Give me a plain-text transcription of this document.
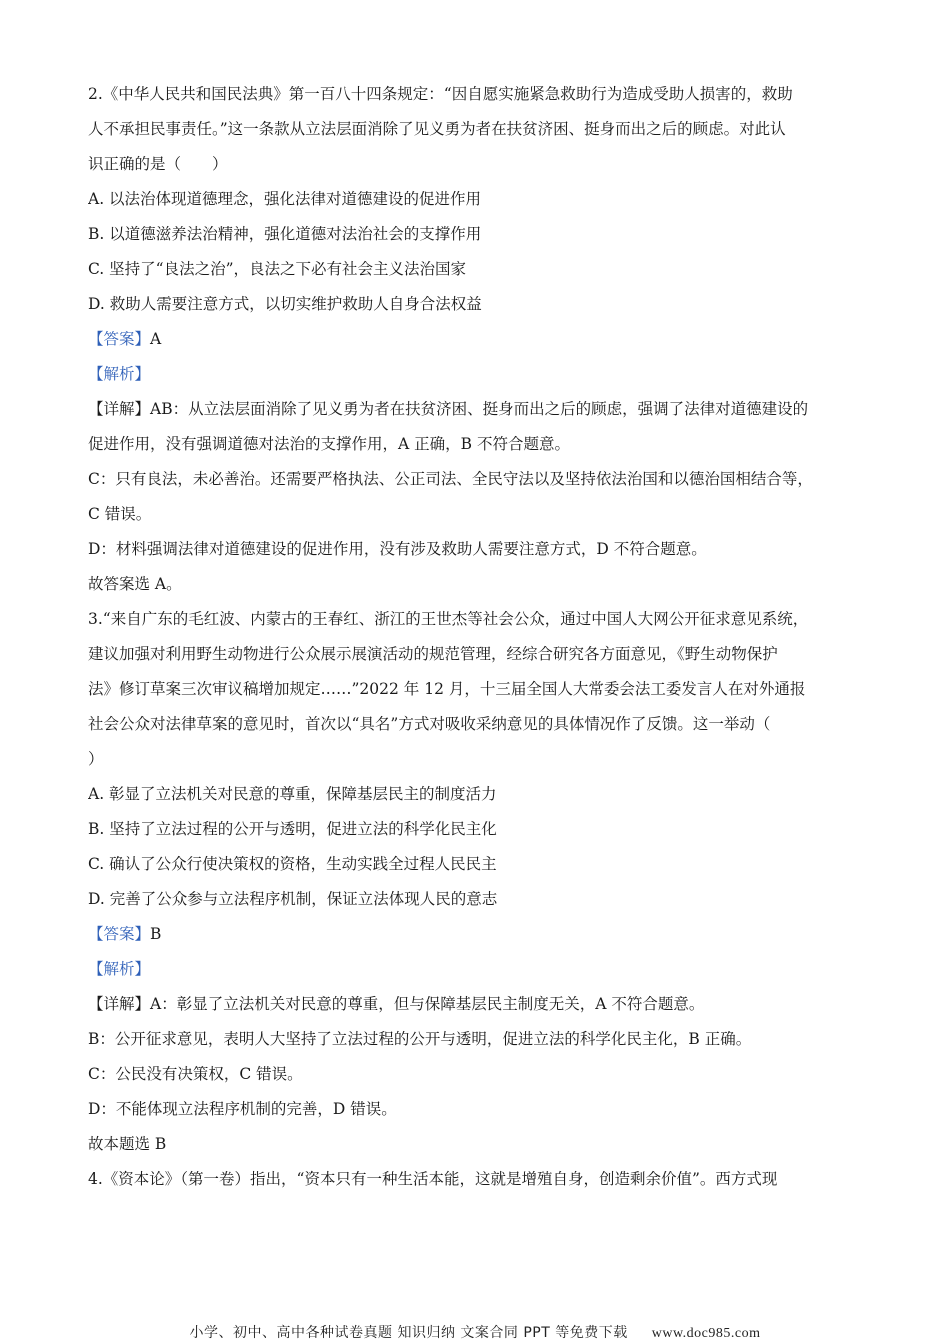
2.《中华人民共和国民法典》第一百八十四条规定：“因自愿实施紧急救助行为造成受助人损害的，救助
人不承担民事责任。”这一条款从立法层面消除了见义勇为者在扶贫济困、挺身而出之后的顾虑。对此认
识正确的是（　　）
A. 以法治体现道德理念，强化法律对道德建设的促进作用
B. 以道德滋养法治精神，强化道德对法治社会的支撑作用
C. 坚持了“良法之治”，良法之下必有社会主义法治国家
D. 救助人需要注意方式，以切实维护救助人自身合法权益
【答案】A
【解析】
【详解】AB：从立法层面消除了见义勇为者在扶贫济困、挺身而出之后的顾虑，强调了法律对道德建设的
促进作用，没有强调道德对法治的支撑作用，A 正确，B 不符合题意。
C：只有良法，未必善治。还需要严格执法、公正司法、全民守法以及坚持依法治国和以德治国相结合等，
C 错误。
D：材料强调法律对道德建设的促进作用，没有涉及救助人需要注意方式，D 不符合题意。
故答案选 A。
3.“来自广东的毛红波、内蒙古的王春红、浙江的王世杰等社会公众，通过中国人大网公开征求意见系统，
建议加强对利用野生动物进行公众展示展演活动的规范管理，经综合研究各方面意见，《野生动物保护
法》修订草案三次审议稿增加规定……”2022 年 12 月，十三届全国人大常委会法工委发言人在对外通报
社会公众对法律草案的意见时，首次以“具名”方式对吸收采纳意见的具体情况作了反馈。这一举动（
）
A. 彰显了立法机关对民意的尊重，保障基层民主的制度活力
B. 坚持了立法过程的公开与透明，促进立法的科学化民主化
C. 确认了公众行使决策权的资格，生动实践全过程人民民主
D. 完善了公众参与立法程序机制，保证立法体现人民的意志
【答案】B
【解析】
【详解】A：彰显了立法机关对民意的尊重，但与保障基层民主制度无关，A 不符合题意。
B：公开征求意见，表明人大坚持了立法过程的公开与透明，促进立法的科学化民主化，B 正确。
C：公民没有决策权，C 错误。
D：不能体现立法程序机制的完善，D 错误。
故本题选 B
4.《资本论》（第一卷）指出，“资本只有一种生活本能，这就是增殖自身，创造剩余价值”。西方式现
小学、初中、高中各种试卷真题 知识归纳 文案合同 PPT 等免费下载 www.doc985.com
